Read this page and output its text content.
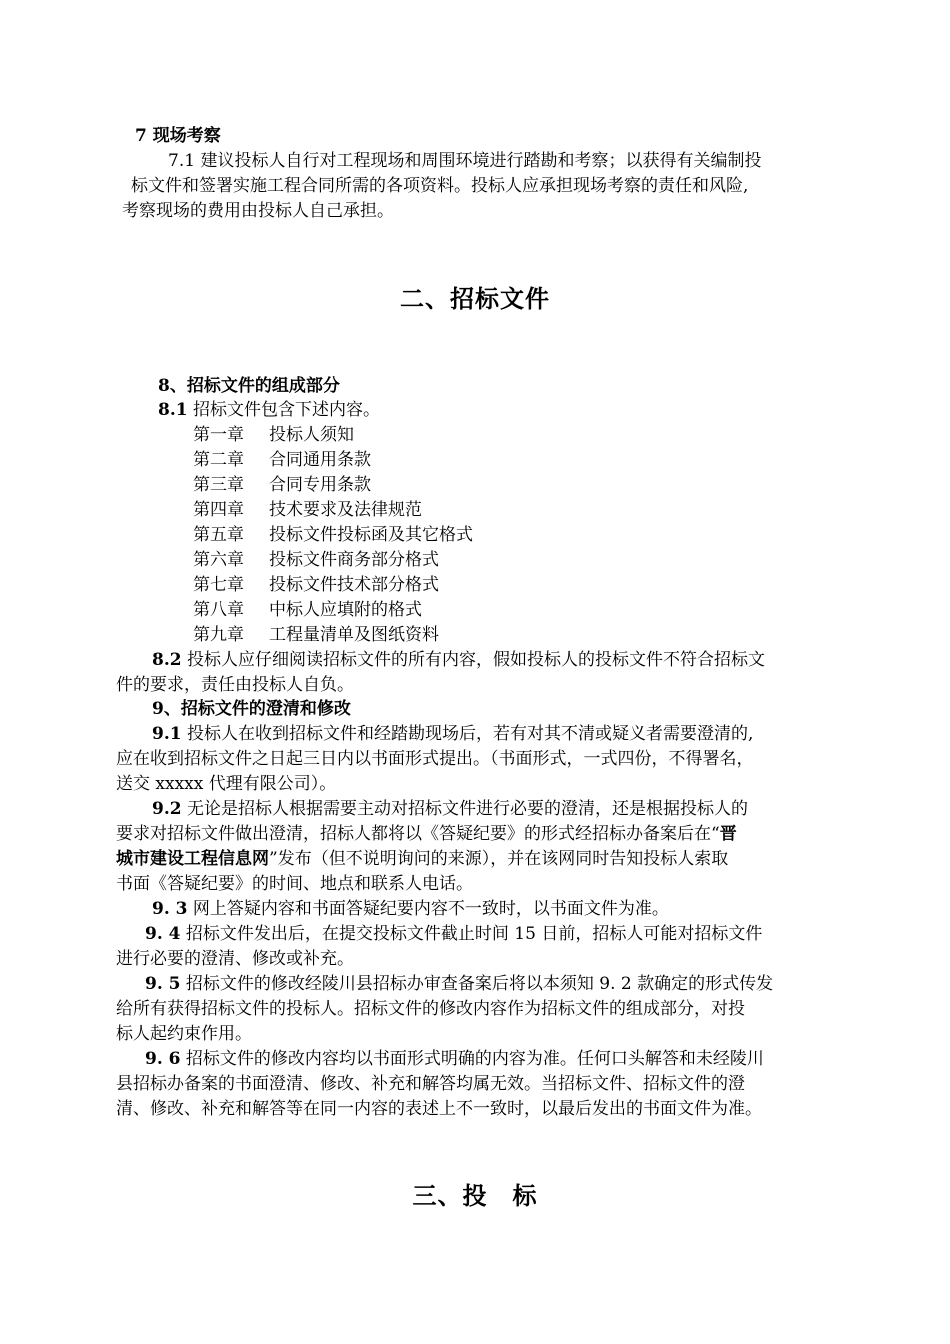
7 现场考察
7.1 建议投标人自行对工程现场和周围环境进行踏勘和考察；以获得有关编制投
标文件和签署实施工程合同所需的各项资料。投标人应承担现场考察的责任和风险,
考察现场的费用由投标人自己承担。
二、招标文件
8、招标文件的组成部分
8.1 招标文件包含下述内容。
第一章 投标人须知
第二章 合同通用条款
第三章 合同专用条款
第四章 技术要求及法律规范
第五章 投标文件投标函及其它格式
第六章 投标文件商务部分格式
第七章 投标文件技术部分格式
第八章 中标人应填附的格式
第九章 工程量清单及图纸资料
8.2 投标人应仔细阅读招标文件的所有内容，假如投标人的投标文件不符合招标文
件的要求，责任由投标人自负。
9、招标文件的澄清和修改
9.1 投标人在收到招标文件和经踏勘现场后，若有对其不清或疑义者需要澄清的,
应在收到招标文件之日起三日内以书面形式提出。（书面形式，一式四份，不得署名，
送交 xxxxx 代理有限公司）。
9.2 无论是招标人根据需要主动对招标文件进行必要的澄清，还是根据投标人的
要求对招标文件做出澄清，招标人都将以《答疑纪要》的形式经招标办备案后在“晋
城市建设工程信息网”发布（但不说明询问的来源），并在该网同时告知投标人索取
书面《答疑纪要》的时间、地点和联系人电话。
9. 3 网上答疑内容和书面答疑纪要内容不一致时，以书面文件为准。
9. 4 招标文件发出后，在提交投标文件截止时间 15 日前，招标人可能对招标文件
进行必要的澄清、修改或补充。
9. 5 招标文件的修改经陵川县招标办审查备案后将以本须知 9. 2 款确定的形式传发
给所有获得招标文件的投标人。招标文件的修改内容作为招标文件的组成部分，对投
标人起约束作用。
9. 6 招标文件的修改内容均以书面形式明确的内容为准。任何口头解答和未经陵川
县招标办备案的书面澄清、修改、补充和解答均属无效。当招标文件、招标文件的澄
清、修改、补充和解答等在同一内容的表述上不一致时，以最后发出的书面文件为准。
三、投　标
